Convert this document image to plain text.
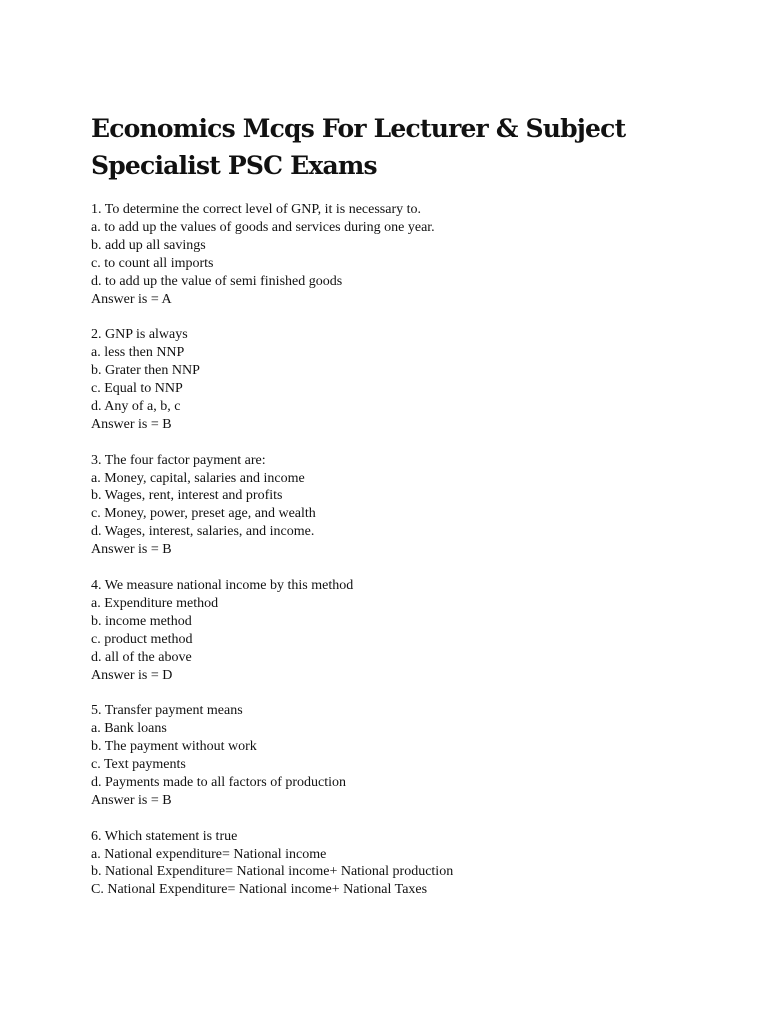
Economics Mcqs For Lecturer & Subject Specialist PSC Exams
1. To determine the correct level of GNP, it is necessary to.
a. to add up the values of goods and services during one year.
b. add up all savings
c. to count all imports
d. to add up the value of semi finished goods
Answer is = A
2. GNP is always
a. less then NNP
b. Grater then NNP
c. Equal to NNP
d. Any of a, b, c
Answer is = B
3. The four factor payment are:
a. Money, capital, salaries and income
b. Wages, rent, interest and profits
c. Money, power, preset age, and wealth
d. Wages, interest, salaries, and income.
Answer is = B
4. We measure national income by this method
a. Expenditure method
b. income method
c. product method
d. all of the above
Answer is = D
5. Transfer payment means
a. Bank loans
b. The payment without work
c. Text payments
d. Payments made to all factors of production
Answer is = B
6. Which statement is true
a. National expenditure= National income
b. National Expenditure= National income+ National production
C. National Expenditure= National income+ National Taxes
